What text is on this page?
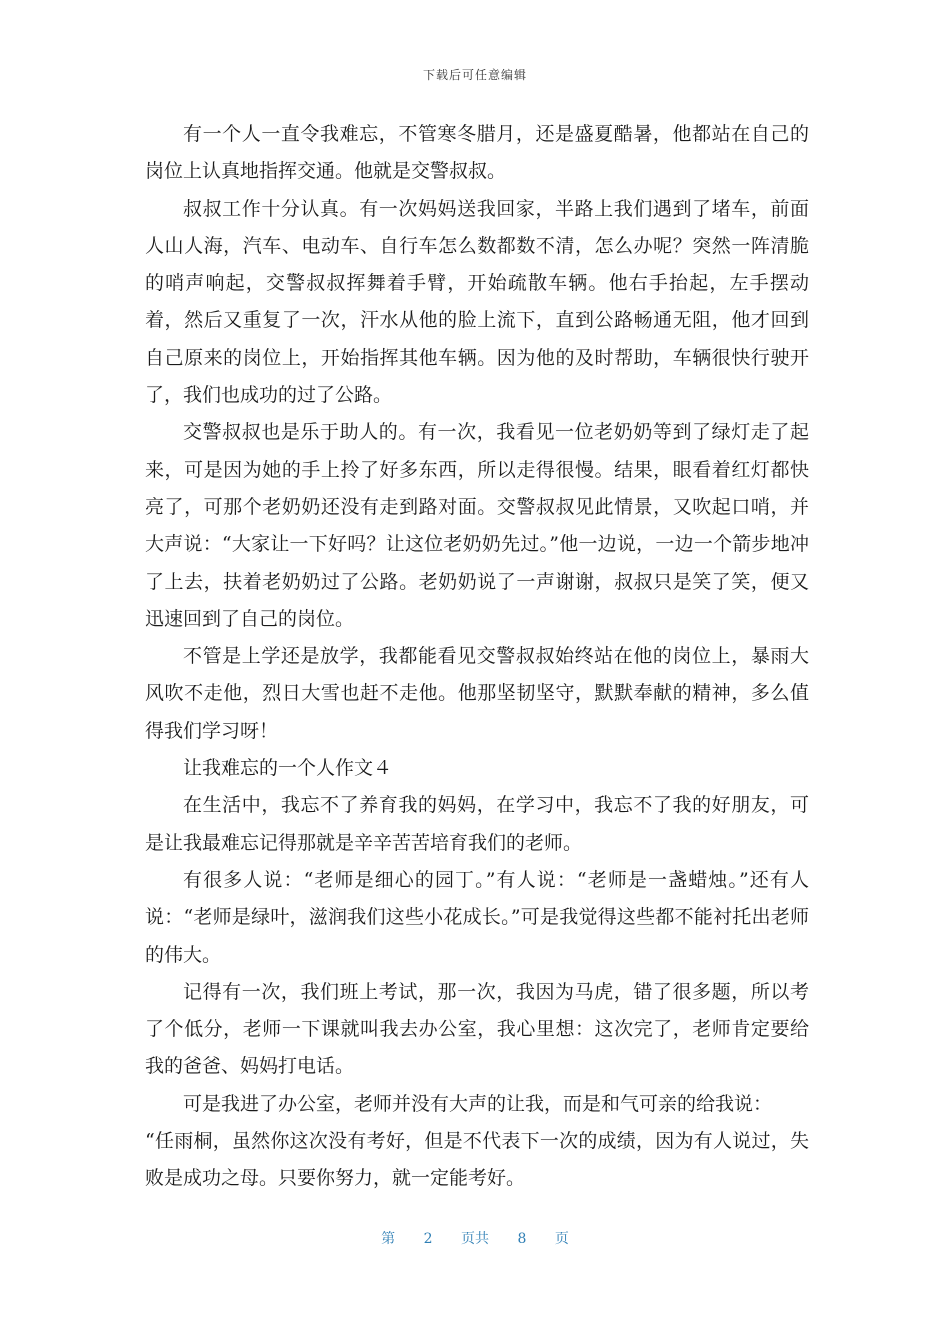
下载后可任意编辑

有一个人一直令我难忘，不管寒冬腊月，还是盛夏酷暑，他都站在自己的岗位上认真地指挥交通。他就是交警叔叔。

叔叔工作十分认真。有一次妈妈送我回家，半路上我们遇到了堵车，前面人山人海，汽车、电动车、自行车怎么数都数不清，怎么办呢？突然一阵清脆的哨声响起，交警叔叔挥舞着手臂，开始疏散车辆。他右手抬起，左手摆动着，然后又重复了一次，汗水从他的脸上流下，直到公路畅通无阻，他才回到自己原来的岗位上，开始指挥其他车辆。因为他的及时帮助，车辆很快行驶开了，我们也成功的过了公路。

交警叔叔也是乐于助人的。有一次，我看见一位老奶奶等到了绿灯走了起来，可是因为她的手上拎了好多东西，所以走得很慢。结果，眼看着红灯都快亮了，可那个老奶奶还没有走到路对面。交警叔叔见此情景，又吹起口哨，并大声说：“大家让一下好吗？让这位老奶奶先过。”他一边说，一边一个箭步地冲了上去，扶着老奶奶过了公路。老奶奶说了一声谢谢，叔叔只是笑了笑，便又迅速回到了自己的岗位。

不管是上学还是放学，我都能看见交警叔叔始终站在他的岗位上，暴雨大风吹不走他，烈日大雪也赶不走他。他那坚韧坚守，默默奉献的精神，多么值得我们学习呀！

让我难忘的一个人作文４

在生活中，我忘不了养育我的妈妈，在学习中，我忘不了我的好朋友，可是让我最难忘记得那就是辛辛苦苦培育我们的老师。

有很多人说：“老师是细心的园丁。”有人说：“老师是一盏蜡烛。”还有人说：“老师是绿叶，滋润我们这些小花成长。”可是我觉得这些都不能衬托出老师的伟大。

记得有一次，我们班上考试，那一次，我因为马虎，错了很多题，所以考了个低分，老师一下课就叫我去办公室，我心里想：这次完了，老师肯定要给我的爸爸、妈妈打电话。

可是我进了办公室，老师并没有大声的让我，而是和气可亲的给我说：

“任雨桐，虽然你这次没有考好，但是不代表下一次的成绩，因为有人说过，失败是成功之母。只要你努力，就一定能考好。

第 2 页共 8 页
